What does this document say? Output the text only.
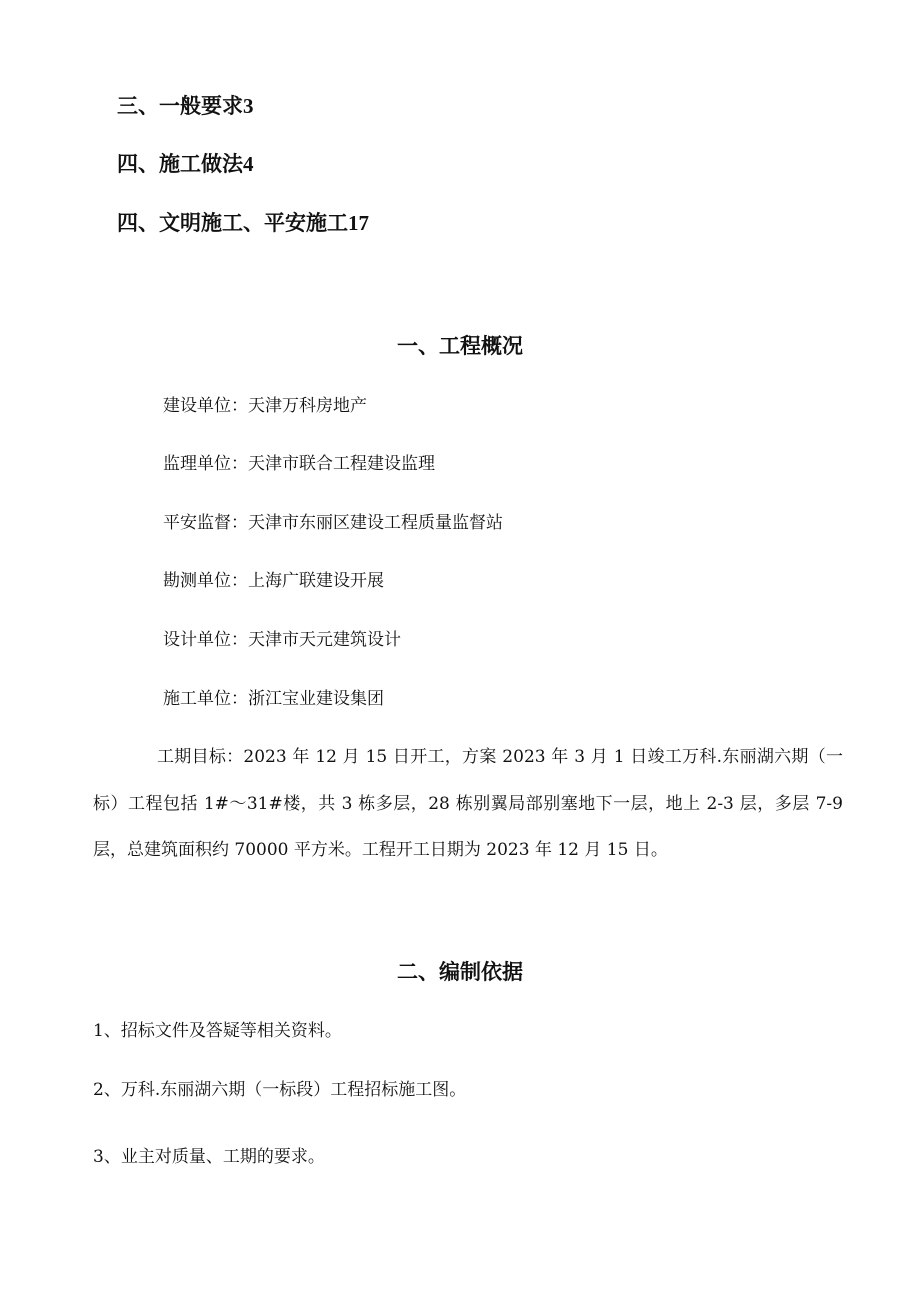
三、一般要求3
四、施工做法4
四、文明施工、平安施工17
一、工程概况
建设单位：天津万科房地产
监理单位：天津市联合工程建设监理
平安监督：天津市东丽区建设工程质量监督站
勘测单位：上海广联建设开展
设计单位：天津市天元建筑设计
施工单位：浙江宝业建设集团

工期目标：2023 年 12 月 15 日开工，方案 2023 年 3 月 1 日竣工万科.东丽湖六期（一标）工程包括 1#～31#楼，共 3 栋多层，28 栋别翼局部别塞地下一层，地上 2-3 层，多层 7-9 层，总建筑面积约 70000 平方米。工程开工日期为 2023 年 12 月 15 日。

二、编制依据
1、招标文件及答疑等相关资料。
2、万科.东丽湖六期（一标段）工程招标施工图。
3、业主对质量、工期的要求。
